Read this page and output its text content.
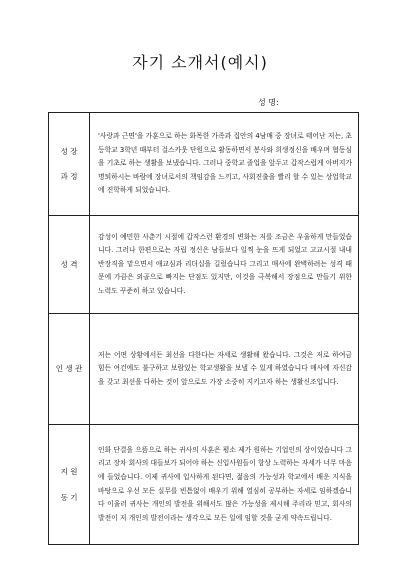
자기 소개서(예시)
성 명:
성 장
과 정	'사랑과 근면'을 가훈으로 하는 화목한 가족과 집안의 4남매 중 장녀로 태어난 저는, 초등학교 3학년 때부터 걸스카웃 단원으로 활동하면서 봉사와 희생정신을 배우며 협동심을 기초로 하는 생활을 보냈습니다. 그러나 중학교 졸업을 앞두고 갑작스럽게 아버지가 명퇴하시는 바람에 장녀로서의 책임감을 느끼고, 사회진출을 빨리 할 수 있는 상업학교에 진학하게 되었습니다.

성 격	감성이 예민한 사춘기 시절에 갑작스런 환경의 변화는 저를 조금은 우울하게 만들었습니다. 그러나 한편으로는 자립 정신은 남들보다 일찍 눈을 뜨게 되었고 고교시절 내내 반장직을 맡으면서 애교심과 리더십을 길렀습니다 그리고 매사에 완벽하려는 성격 때문에 가끔은 외골으로 빠지는 단점도 있지만, 이것을 극복해서 장점으로 만들기 위한 노력도 꾸준히 하고 있습니다.

인 생 관	저는 어떤 상황에서든 최선을 다한다는 자세로 생활해 왔습니다. 그것은 저로 하여금 힘든 여건에도 불구하고 보람있는 학교생활을 보낼 수 있게 하였습니다 매사에 자신감을 갖고 최선을 다하는 것이 앞으로도 가장 소중히 지키고자 하는 생활신조입니다.

지 원
동 기	인화 단결을 으뜸으로 하는 귀사의 사훈은 평소 제가 원하는 기업인의 상이었습니다 그리고 장차 회사의 대들보가 되어야 하는 신입사원들이 항상 노력하는 자세가 너무 마음에 들었습니다. 이제 귀사에 입사하게 된다면, 젊음의 가능성과 학교에서 배운 지식을 바탕으로 우선 모든 실무를 빈틈없이 배우기 위해 열심히 공부하는 자세로 임하겠습니다 이울러 귀사는 개인의 발전을 위해서도 많은 가능성을 제시해 주리라 믿고, 회사의 발전이 저 개인의 발전이라는 생각으로 모든 일에 임할 것을 굳게 약속드립니다.
